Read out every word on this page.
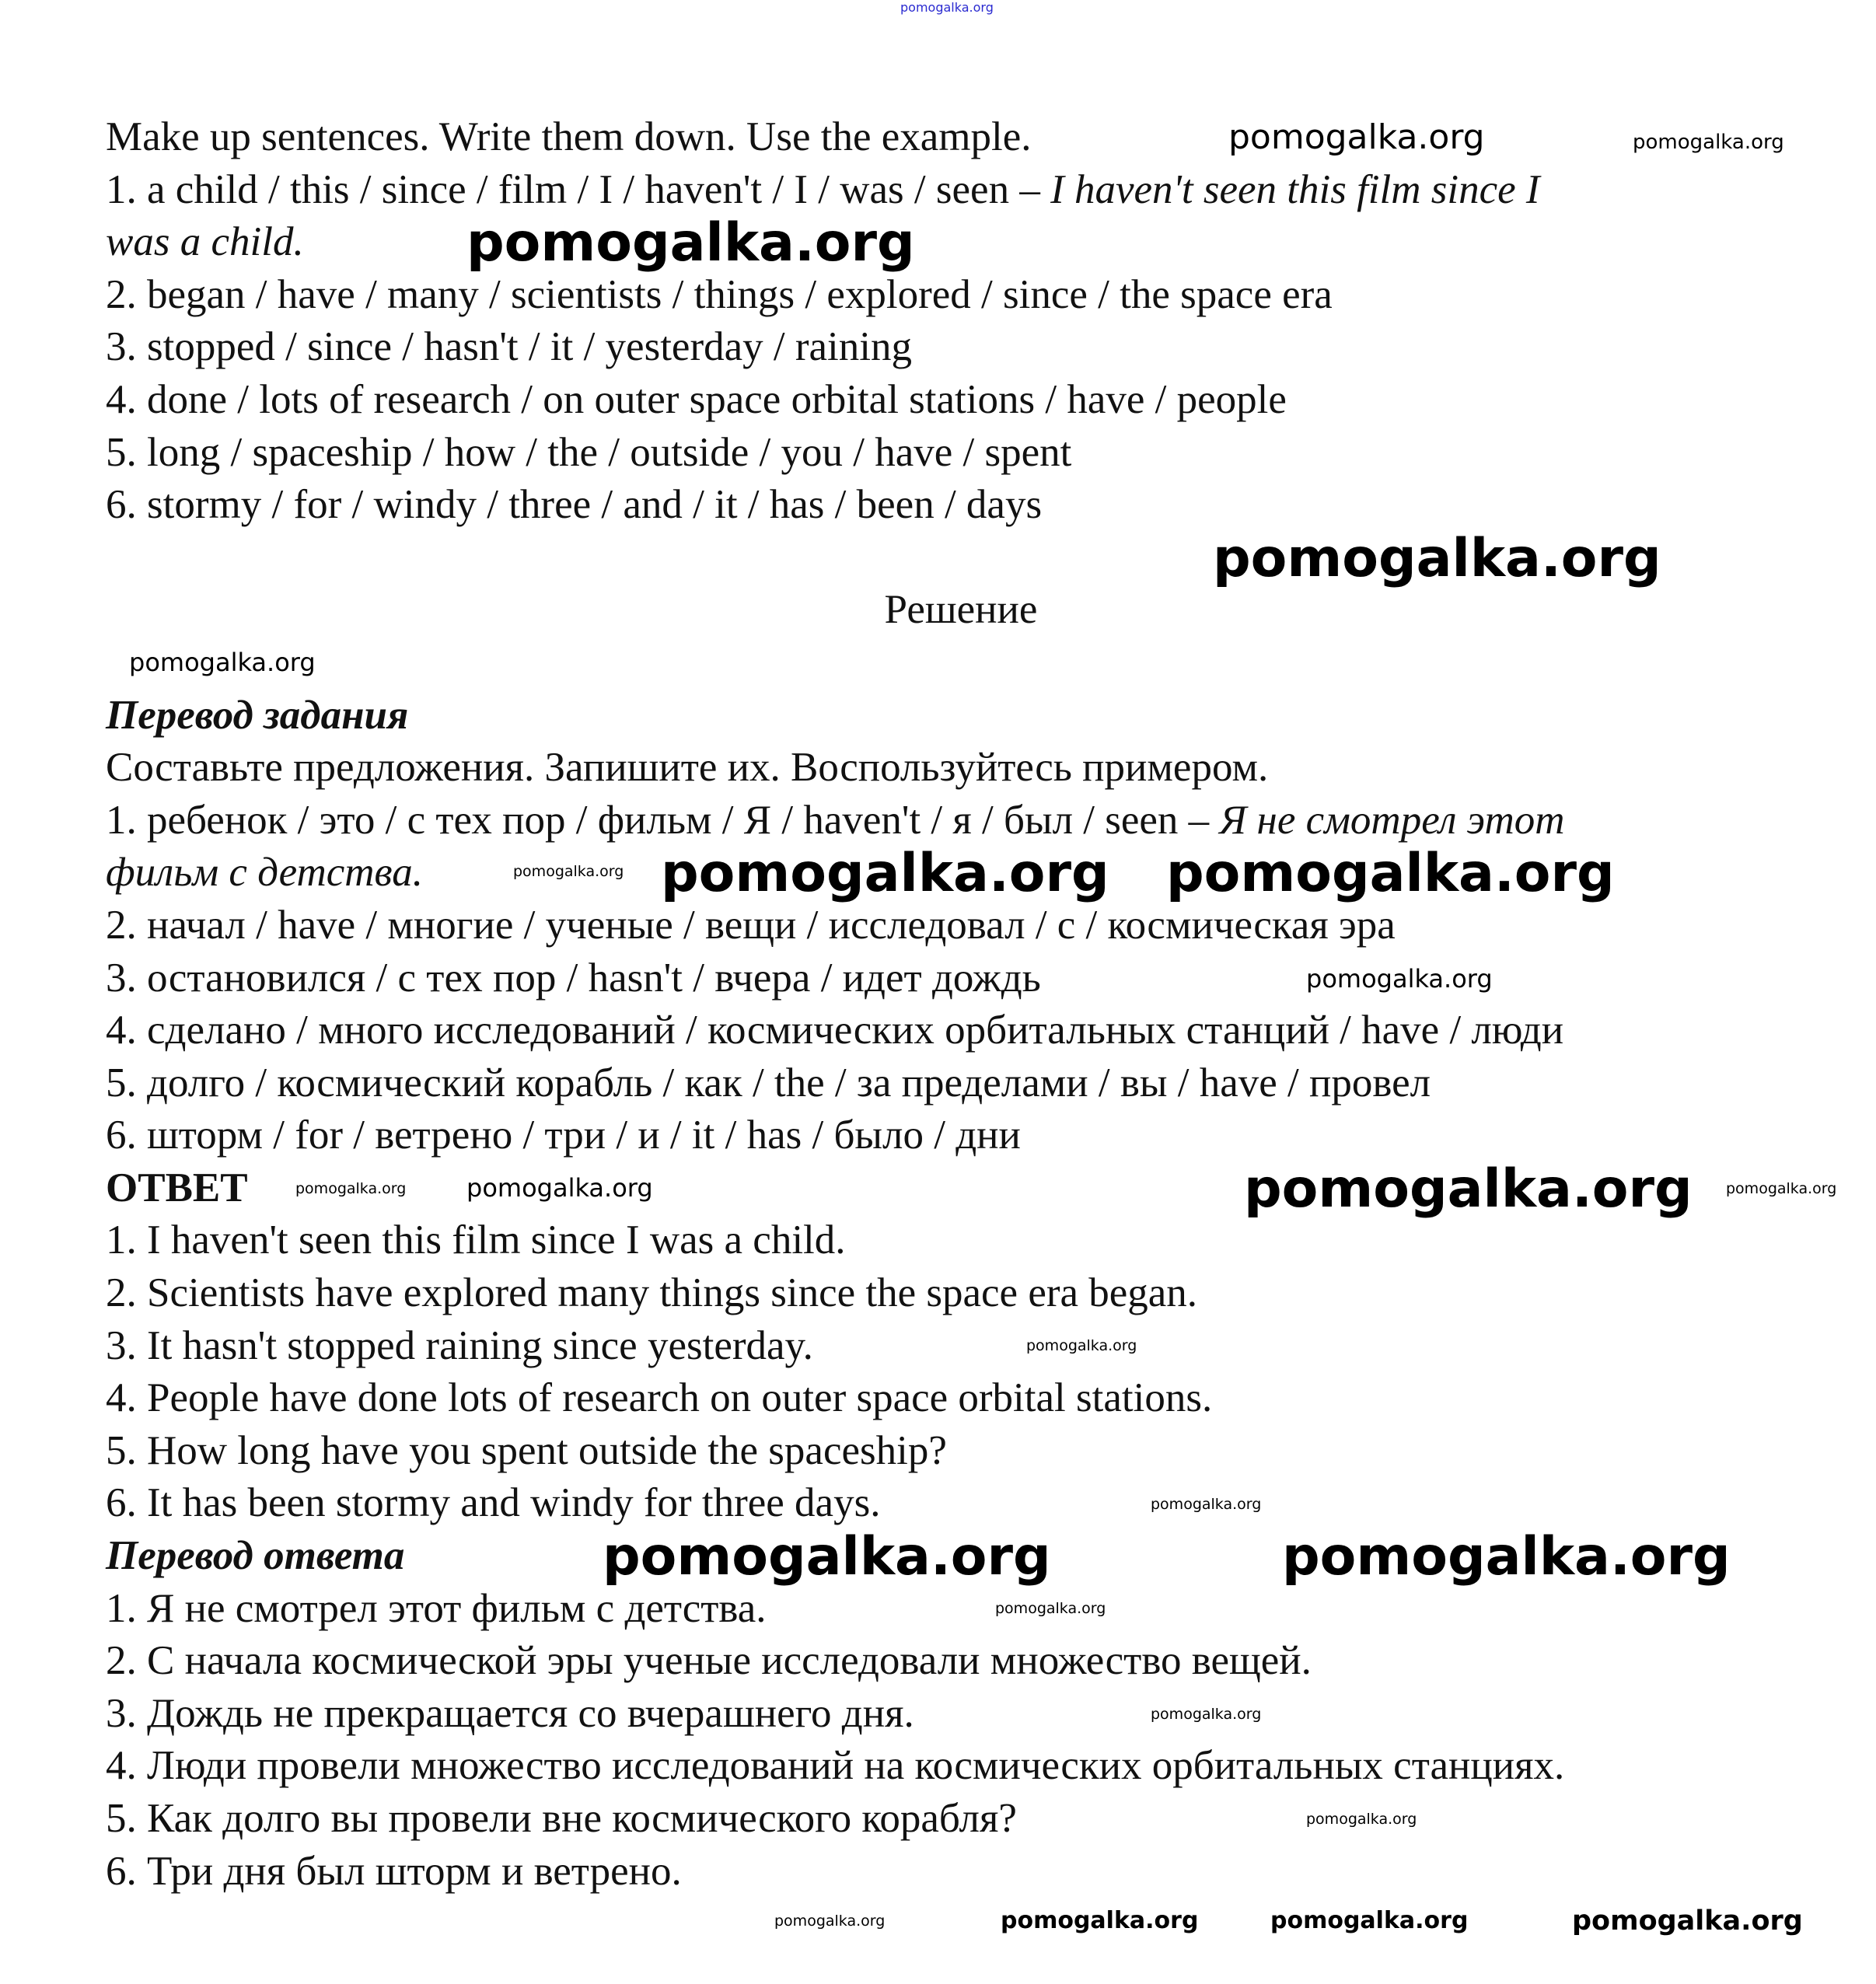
Make up sentences. Write them down. Use the example.
1. a child / this / since / film / I / haven't / I / was / seen – I haven't seen this film since I
was a child.
2. began / have / many / scientists / things / explored / since / the space era
3. stopped / since / hasn't / it / yesterday / raining
4. done / lots of research / on outer space orbital stations / have / people
5. long / spaceship / how / the / outside / you / have / spent
6. stormy / for / windy / three / and / it / has / been / days
Решение
Перевод задания
Составьте предложения. Запишите их. Воспользуйтесь примером.
1. ребенок / это / с тех пор / фильм / Я / haven't / я / был / seen – Я не смотрел этот
фильм с детства.
2. начал / have / многие / ученые / вещи / исследовал / с / космическая эра
3. остановился / с тех пор / hasn't / вчера / идет дождь
4. сделано / много исследований / космических орбитальных станций / have / люди
5. долго / космический корабль / как / the / за пределами / вы / have / провел
6. шторм / for / ветрено / три / и / it / has / было / дни
ОТВЕТ
1. I haven't seen this film since I was a child.
2. Scientists have explored many things since the space era began.
3. It hasn't stopped raining since yesterday.
4. People have done lots of research on outer space orbital stations.
5. How long have you spent outside the spaceship?
6. It has been stormy and windy for three days.
Перевод ответа
1. Я не смотрел этот фильм с детства.
2. С начала космической эры ученые исследовали множество вещей.
3. Дождь не прекращается со вчерашнего дня.
4. Люди провели множество исследований на космических орбитальных станциях.
5. Как долго вы провели вне космического корабля?
6. Три дня был шторм и ветрено.
pomogalka.org
pomogalka.org	pomogalka.org
pomogalka.org
pomogalka.org
pomogalka.org
pomogalka.org pomogalka.org pomogalka.org
pomogalka.org
pomogalka.org pomogalka.org	pomogalka.org pomogalka.org
pomogalka.org
pomogalka.org
pomogalka.org	pomogalka.org
pomogalka.org
pomogalka.org
pomogalka.org
pomogalka.org	pomogalka.org	pomogalka.org	pomogalka.org
